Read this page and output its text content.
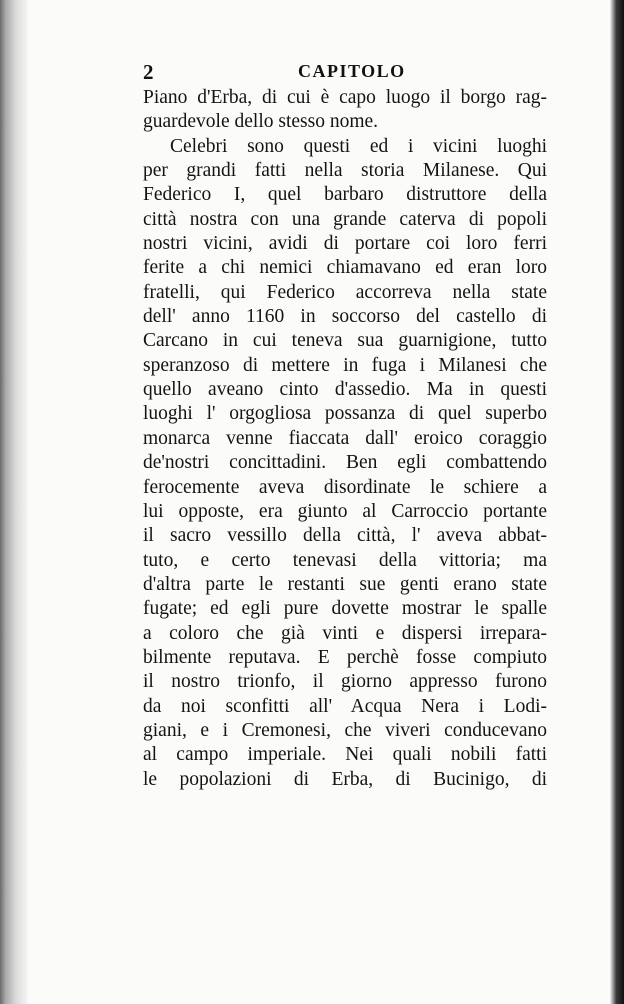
2	CAPITOLO
Piano d'Erba, di cui è capo luogo il borgo rag-
guardevole dello stesso nome.
Celebri sono questi ed i vicini luoghi
per grandi fatti nella storia Milanese. Qui
Federico I, quel barbaro distruttore della
città nostra con una grande caterva di popoli
nostri vicini, avidi di portare coi loro ferri
ferite a chi nemici chiamavano ed eran loro
fratelli, qui Federico accorreva nella state
dell' anno 1160 in soccorso del castello di
Carcano in cui teneva sua guarnigione, tutto
speranzoso di mettere in fuga i Milanesi che
quello aveano cinto d'assedio. Ma in questi
luoghi l' orgogliosa possanza di quel superbo
monarca venne fiaccata dall' eroico coraggio
de'nostri concittadini. Ben egli combattendo
ferocemente aveva disordinate le schiere a
lui opposte, era giunto al Carroccio portante
il sacro vessillo della città, l' aveva abbat-
tuto, e certo tenevasi della vittoria; ma
d'altra parte le restanti sue genti erano state
fugate; ed egli pure dovette mostrar le spalle
a coloro che già vinti e dispersi irrepara-
bilmente reputava. E perchè fosse compiuto
il nostro trionfo, il giorno appresso furono
da noi sconfitti all' Acqua Nera i Lodi-
giani, e i Cremonesi, che viveri conducevano
al campo imperiale. Nei quali nobili fatti
le popolazioni di Erba, di Bucinigo, di
